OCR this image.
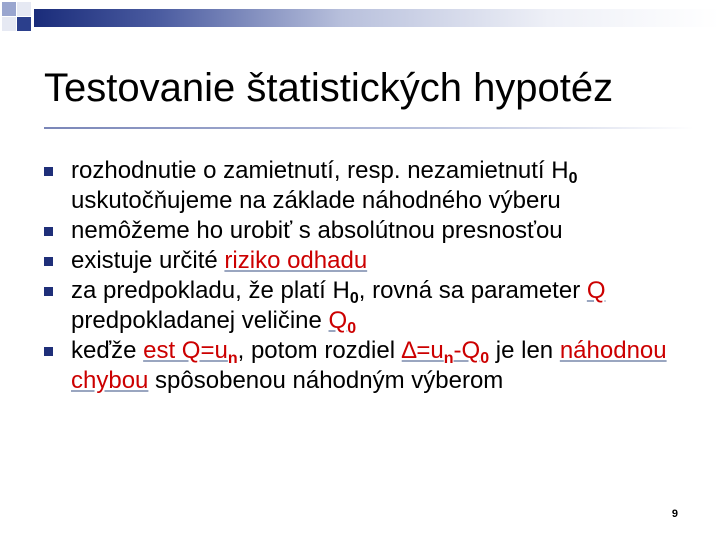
Testovanie štatistických hypotéz
rozhodnutie o zamietnutí, resp. nezamietnutí $H_0$ uskutočňujeme na základe náhodného výberu
nemôžeme ho urobiť s absolútnou presnosťou
existuje určité riziko odhadu
za predpokladu, že platí $H_0$, rovná sa parameter Q predpokladanej veličine $Q_0$
keďže est $Q=u_n$, potom rozdiel $\Delta=u_n-Q_0$ je len náhodnou chybou spôsobenou náhodným výberom
9
